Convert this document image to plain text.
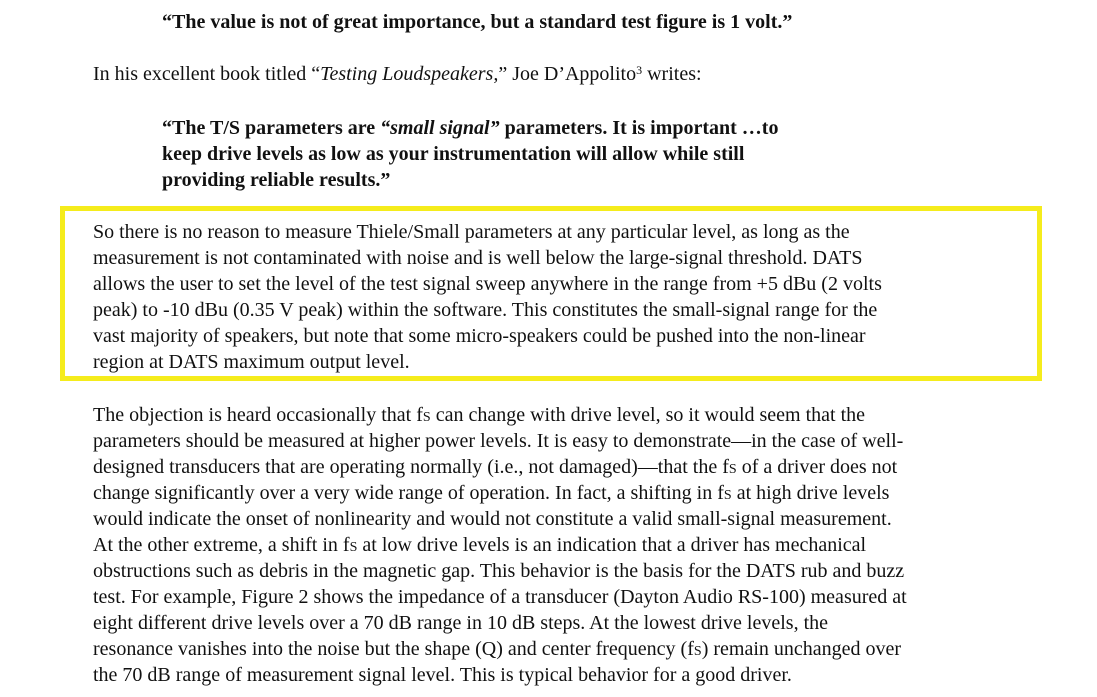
“The value is not of great importance, but a standard test figure is 1 volt.”
In his excellent book titled “Testing Loudspeakers,” Joe D’Appolito$^3$ writes:
“The T/S parameters are “small signal” parameters. It is important …to
keep drive levels as low as your instrumentation will allow while still
providing reliable results.”
So there is no reason to measure Thiele/Small parameters at any particular level, as long as the
measurement is not contaminated with noise and is well below the large-signal threshold. DATS
allows the user to set the level of the test signal sweep anywhere in the range from +5 dBu (2 volts
peak) to -10 dBu (0.35 V peak) within the software. This constitutes the small-signal range for the
vast majority of speakers, but note that some micro-speakers could be pushed into the non-linear
region at DATS maximum output level.
The objection is heard occasionally that fS can change with drive level, so it would seem that the
parameters should be measured at higher power levels. It is easy to demonstrate—in the case of well-
designed transducers that are operating normally (i.e., not damaged)—that the fS of a driver does not
change significantly over a very wide range of operation. In fact, a shifting in fS at high drive levels
would indicate the onset of nonlinearity and would not constitute a valid small-signal measurement.
At the other extreme, a shift in fS at low drive levels is an indication that a driver has mechanical
obstructions such as debris in the magnetic gap. This behavior is the basis for the DATS rub and buzz
test. For example, Figure 2 shows the impedance of a transducer (Dayton Audio RS-100) measured at
eight different drive levels over a 70 dB range in 10 dB steps. At the lowest drive levels, the
resonance vanishes into the noise but the shape (Q) and center frequency (fS) remain unchanged over
the 70 dB range of measurement signal level. This is typical behavior for a good driver.
